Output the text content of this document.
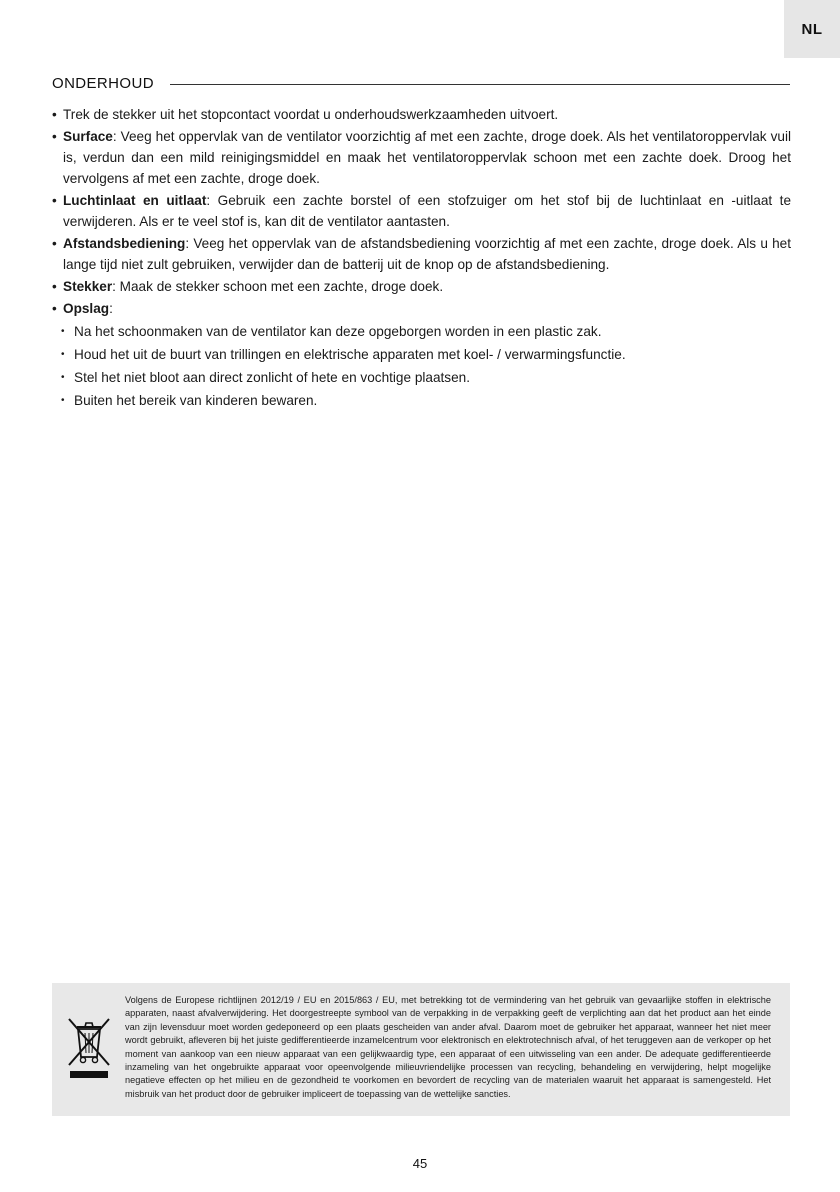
NL
ONDERHOUD
• Trek de stekker uit het stopcontact voordat u onderhoudswerkzaamheden uitvoert.
• Surface: Veeg het oppervlak van de ventilator voorzichtig af met een zachte, droge doek. Als het ventilatoroppervlak vuil is, verdun dan een mild reinigingsmiddel en maak het ventilatoroppervlak schoon met een zachte doek. Droog het vervolgens af met een zachte, droge doek.
• Luchtinlaat en uitlaat: Gebruik een zachte borstel of een stofzuiger om het stof bij de luchtinlaat en -uitlaat te verwijderen. Als er te veel stof is, kan dit de ventilator aantasten.
• Afstandsbediening: Veeg het oppervlak van de afstandsbediening voorzichtig af met een zachte, droge doek. Als u het lange tijd niet zult gebruiken, verwijder dan de batterij uit de knop op de afstandsbediening.
• Stekker: Maak de stekker schoon met een zachte, droge doek.
• Opslag:
• Na het schoonmaken van de ventilator kan deze opgeborgen worden in een plastic zak.
• Houd het uit de buurt van trillingen en elektrische apparaten met koel- / verwarmingsfunctie.
• Stel het niet bloot aan direct zonlicht of hete en vochtige plaatsen.
• Buiten het bereik van kinderen bewaren.
Volgens de Europese richtlijnen 2012/19 / EU en 2015/863 / EU, met betrekking tot de vermindering van het gebruik van gevaarlijke stoffen in elektrische apparaten, naast afvalverwijdering. Het doorgestreepte symbool van de verpakking in de verpakking geeft de verplichting aan dat het product aan het einde van zijn levensduur moet worden gedeponeerd op een plaats gescheiden van ander afval. Daarom moet de gebruiker het apparaat, wanneer het niet meer wordt gebruikt, afleveren bij het juiste gedifferentieerde inzamelcentrum voor elektronisch en elektrotechnisch afval, of het teruggeven aan de verkoper op het moment van aankoop van een nieuw apparaat van een gelijkwaardig type, een apparaat of een uitwisseling van een ander. De adequate gedifferentieerde inzameling van het ongebruikte apparaat voor opeenvolgende milieuvriendelijke processen van recycling, behandeling en verwijdering, helpt mogelijke negatieve effecten op het milieu en de gezondheid te voorkomen en bevordert de recycling van de materialen waaruit het apparaat is samengesteld. Het misbruik van het product door de gebruiker impliceert de toepassing van de wettelijke sancties.
45
